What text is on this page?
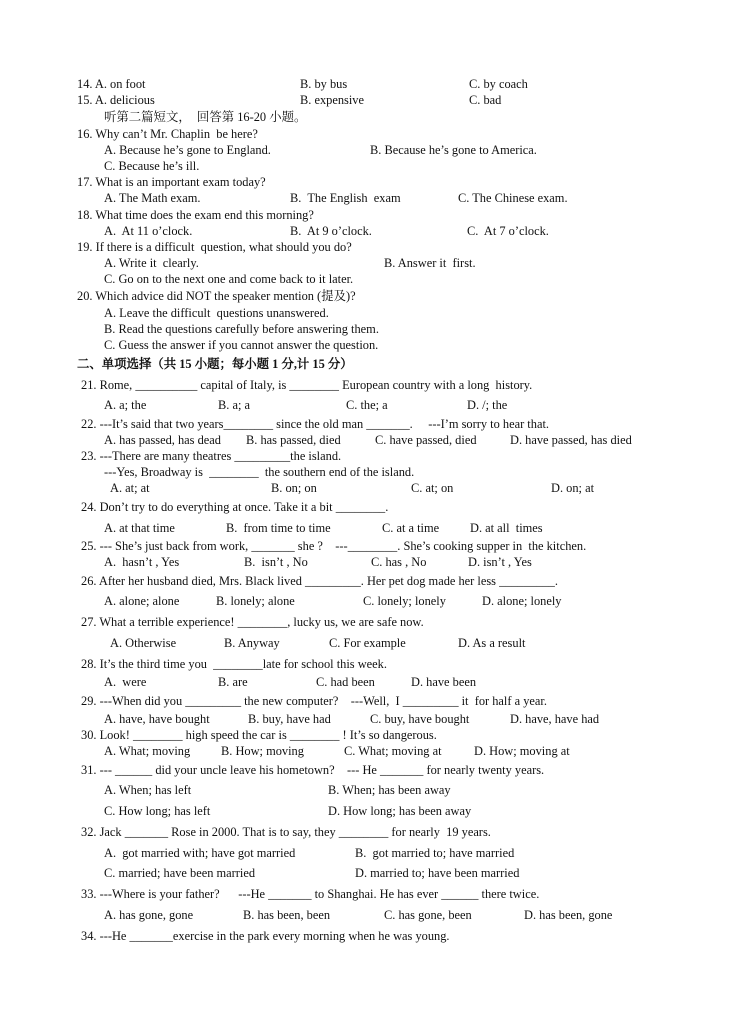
14. A. on foot	B. by bus	C. by coach
15. A. delicious	B. expensive	C. bad
听第二篇短文，  回答第 16-20 小题。
16. Why can’t Mr. Chaplin  be here?
A. Because he’s gone to England.	B. Because he’s gone to America.
C. Because he’s ill.
17. What is an important exam today?
A. The Math exam.	B.  The English  exam	C. The Chinese exam.
18. What time does the exam end this morning?
A.  At 11 o’clock.	B.  At 9 o’clock.	C.  At 7 o’clock.
19. If there is a difficult  question, what should you do?
A. Write it  clearly.	B. Answer it  first.
C. Go on to the next one and come back to it later.
20. Which advice did NOT the speaker mention (提及)?
A. Leave the difficult  questions unanswered.
B. Read the questions carefully before answering them.
C. Guess the answer if you cannot answer the question.
二、单项选择（共 15 小题；每小题 1 分,计 15 分）
21. Rome, __________ capital of Italy, is ________ European country with a long  history.
A. a; the	B. a; a	C. the; a	D. /; the
22. ---It’s said that two years________ since the old man _______.     ---I’m sorry to hear that.
A. has passed, has dead B. has passed, died	C. have passed, died	D. have passed, has died
23. ---There are many theatres _________the island.
---Yes, Broadway is  ________  the southern end of the island.
A. at; at	B. on; on	C. at; on	D. on; at
24. Don’t try to do everything at once. Take it a bit ________.
A. at that time	B.  from time to time	C. at a time D. at all  times
25. --- She’s just back from work, _______ she ?    ---________. She’s cooking supper in  the kitchen.
A.  hasn’t , Yes	B.  isn’t , No	C. has , No	D. isn’t , Yes
26. After her husband died, Mrs. Black lived _________. Her pet dog made her less _________.
A. alone; alone	B. lonely; alone	C. lonely; lonely	D. alone; lonely
27. What a terrible experience! ________, lucky us, we are safe now.
A. Otherwise	B. Anyway	C. For example	D. As a result
28. It’s the third time you  ________late for school this week.
A.  were	B. are	C. had been	D. have been
29. ---When did you _________ the new computer?    ---Well,  I _________ it  for half a year.
A. have, have bought	B. buy, have had	C. buy, have bought	D. have, have had
30. Look! ________ high speed the car is ________ ! It’s so dangerous.
A. What; moving B. How; moving	C. What; moving at	D. How; moving at
31. --- ______ did your uncle leave his hometown?    --- He _______ for nearly twenty years.
A. When; has left	B. When; has been away
C. How long; has left	D. How long; has been away
32. Jack _______ Rose in 2000. That is to say, they ________ for nearly  19 years.
A.  got married with; have got married	B.  got married to; have married
C. married; have been married	D. married to; have been married
33. ---Where is your father?      ---He _______ to Shanghai. He has ever ______ there twice.
A. has gone, gone	B. has been, been	C. has gone, been	D. has been, gone
34. ---He _______exercise in the park every morning when he was young.
